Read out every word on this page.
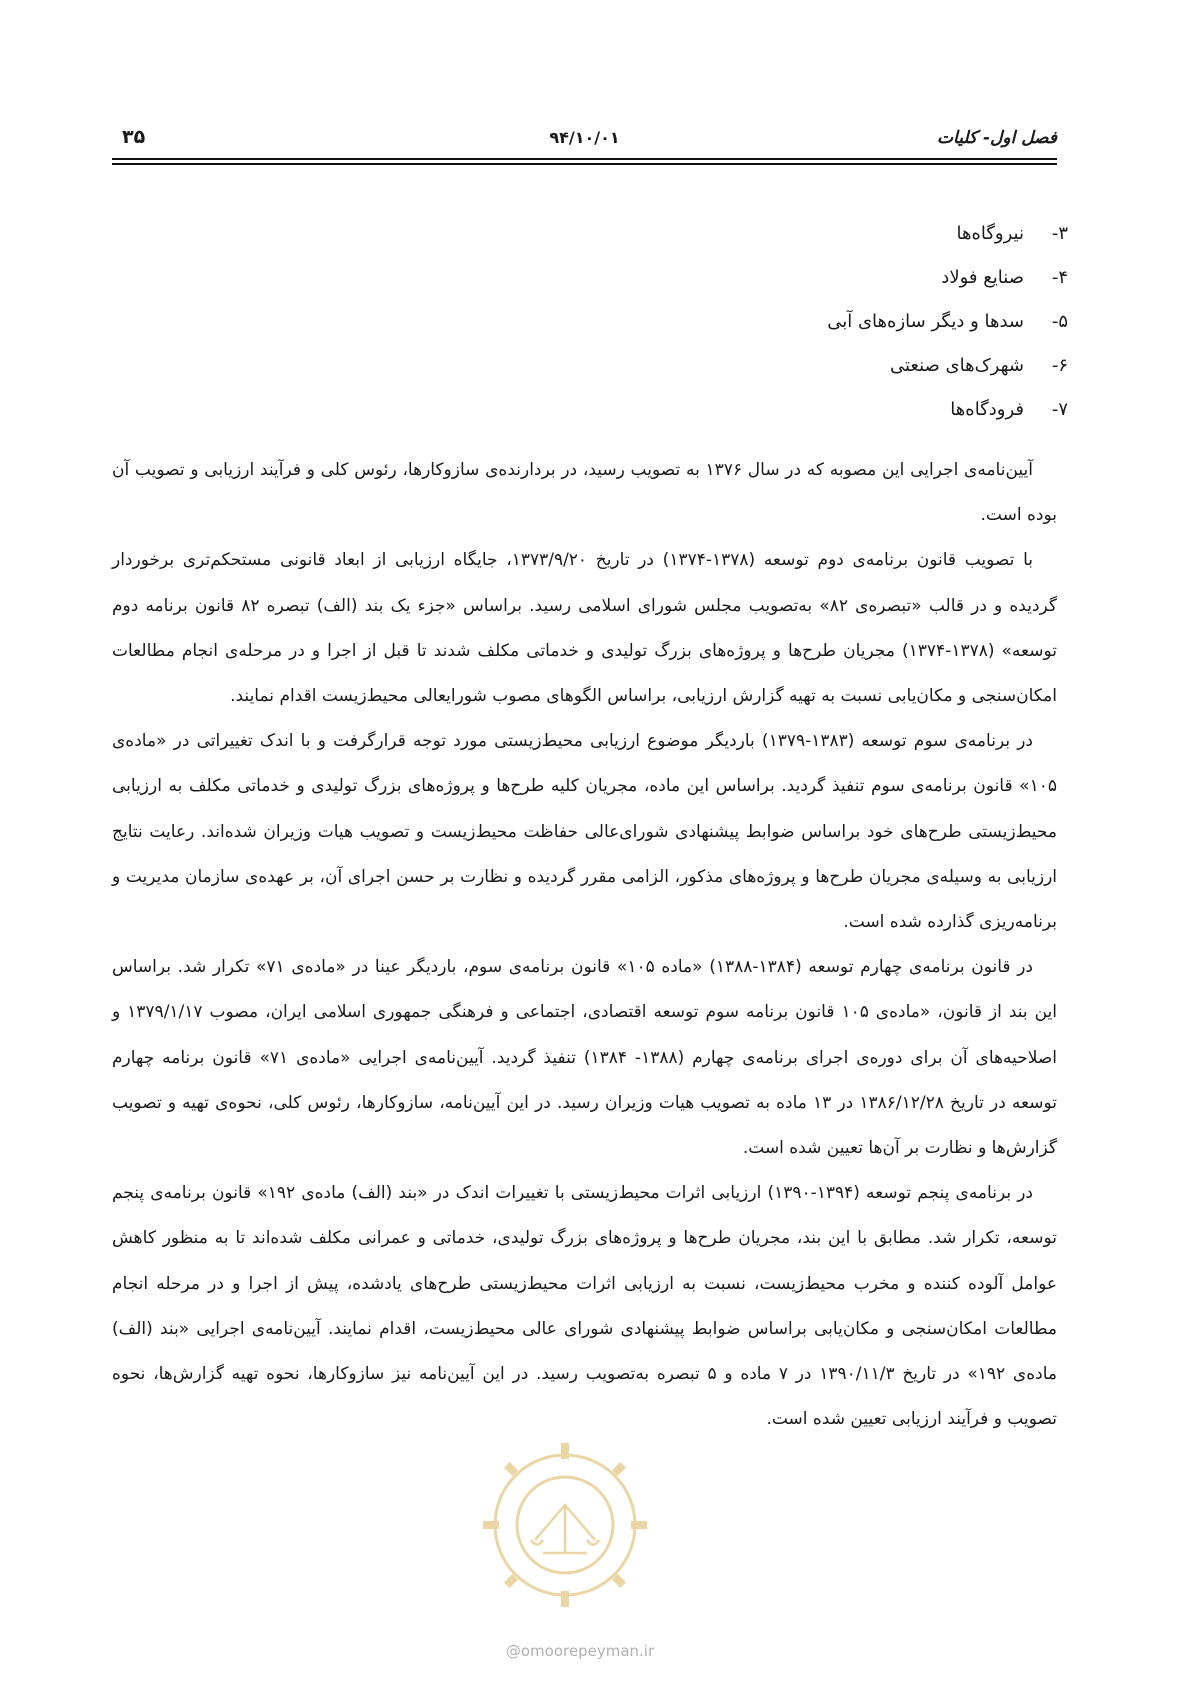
فصل اول- کلیات
۹۴/۱۰/۰۱
۳۵
۳-نیروگاه‌ها
۴-صنایع فولاد
۵-سدها و دیگر سازه‌های آبی
۶-شهرک‌های صنعتی
۷-فرودگاه‌ها

آیین‌نامه‌ی اجرایی این مصوبه که در سال ۱۳۷۶ به تصویب رسید، در بردارنده‌ی سازوکارها، رئوس کلی و فرآیند ارزیابی و تصویب آن بوده است.

با تصویب قانون برنامه‌ی دوم توسعه (۱۳۷۸-۱۳۷۴) در تاریخ ۱۳۷۳/۹/۲۰، جایگاه ارزیابی از ابعاد قانونی مستحکم‌تری برخوردار گردیده و در قالب «تبصره‌ی ۸۲» به‌تصویب مجلس شورای اسلامی رسید. براساس «جزء یک بند (الف) تبصره ۸۲ قانون برنامه دوم توسعه» (۱۳۷۸-۱۳۷۴) مجریان طرح‌ها و پروژه‌های بزرگ تولیدی و خدماتی مکلف شدند تا قبل از اجرا و در مرحله‌ی انجام مطالعات امکان‌سنجی و مکان‌یابی نسبت به تهیه گزارش ارزیابی، براساس الگوهای مصوب شورایعالی محیط‌زیست اقدام نمایند.

در برنامه‌ی سوم توسعه (۱۳۸۳-۱۳۷۹) باردیگر موضوع ارزیابی محیط‌زیستی مورد توجه قرارگرفت و با اندک تغییراتی در «ماده‌ی ۱۰۵» قانون برنامه‌ی سوم تنفیذ گردید. براساس این ماده، مجریان کلیه طرح‌ها و پروژه‌های بزرگ تولیدی و خدماتی مکلف به ارزیابی محیط‌زیستی طرح‌های خود براساس ضوابط پیشنهادی شورای‌عالی حفاظت محیط‌زیست و تصویب هیات وزیران شده‌اند. رعایت نتایج ارزیابی به وسیله‌ی مجریان طرح‌ها و پروژه‌های مذکور، الزامی مقرر گردیده و نظارت بر حسن اجرای آن، بر عهده‌ی سازمان مدیریت و برنامه‌ریزی گذارده شده است.

در قانون برنامه‌ی چهارم توسعه (۱۳۸۴-۱۳۸۸) «ماده ۱۰۵» قانون برنامه‌ی سوم، باردیگر عینا در «ماده‌ی ۷۱» تکرار شد. براساس این بند از قانون، «ماده‌ی ۱۰۵ قانون برنامه سوم توسعه اقتصادی، اجتماعی و فرهنگی جمهوری اسلامی ایران، مصوب ۱۳۷۹/۱/۱۷ و اصلاحیه‌های آن برای دوره‌ی اجرای برنامه‌ی چهارم (۱۳۸۸- ۱۳۸۴) تنفیذ گردید. آیین‌نامه‌ی اجرایی «ماده‌ی ۷۱» قانون برنامه چهارم توسعه در تاریخ ۱۳۸۶/۱۲/۲۸ در ۱۳ ماده به تصویب هیات وزیران رسید. در این آیین‌نامه، سازوکارها، رئوس کلی، نحوه‌ی تهیه و تصویب گزارش‌ها و نظارت بر آن‌ها تعیین شده است.

در برنامه‌ی پنجم توسعه (۱۳۹۴-۱۳۹۰) ارزیابی اثرات محیط‌زیستی با تغییرات اندک در «بند (الف) ماده‌ی ۱۹۲» قانون برنامه‌ی پنجم توسعه، تکرار شد. مطابق با این بند، مجریان طرح‌ها و پروژه‌های بزرگ تولیدی، خدماتی و عمرانی مکلف شده‌اند تا به منظور کاهش عوامل آلوده کننده و مخرب محیط‌زیست، نسبت به ارزیابی اثرات محیط‌زیستی طرح‌های یادشده، پیش از اجرا و در مرحله انجام مطالعات امکان‌سنجی و مکان‌یابی براساس ضوابط پیشنهادی شورای عالی محیط‌زیست، اقدام نمایند. آیین‌نامه‌ی اجرایی «بند (الف) ماده‌ی ۱۹۲» در تاریخ ۱۳۹۰/۱۱/۳ در ۷ ماده و ۵ تبصره به‌تصویب رسید. در این آیین‌نامه نیز سازوکارها، نحوه تهیه گزارش‌ها، نحوه تصویب و فرآیند ارزیابی تعیین شده است.

@omoorepeyman.ir
